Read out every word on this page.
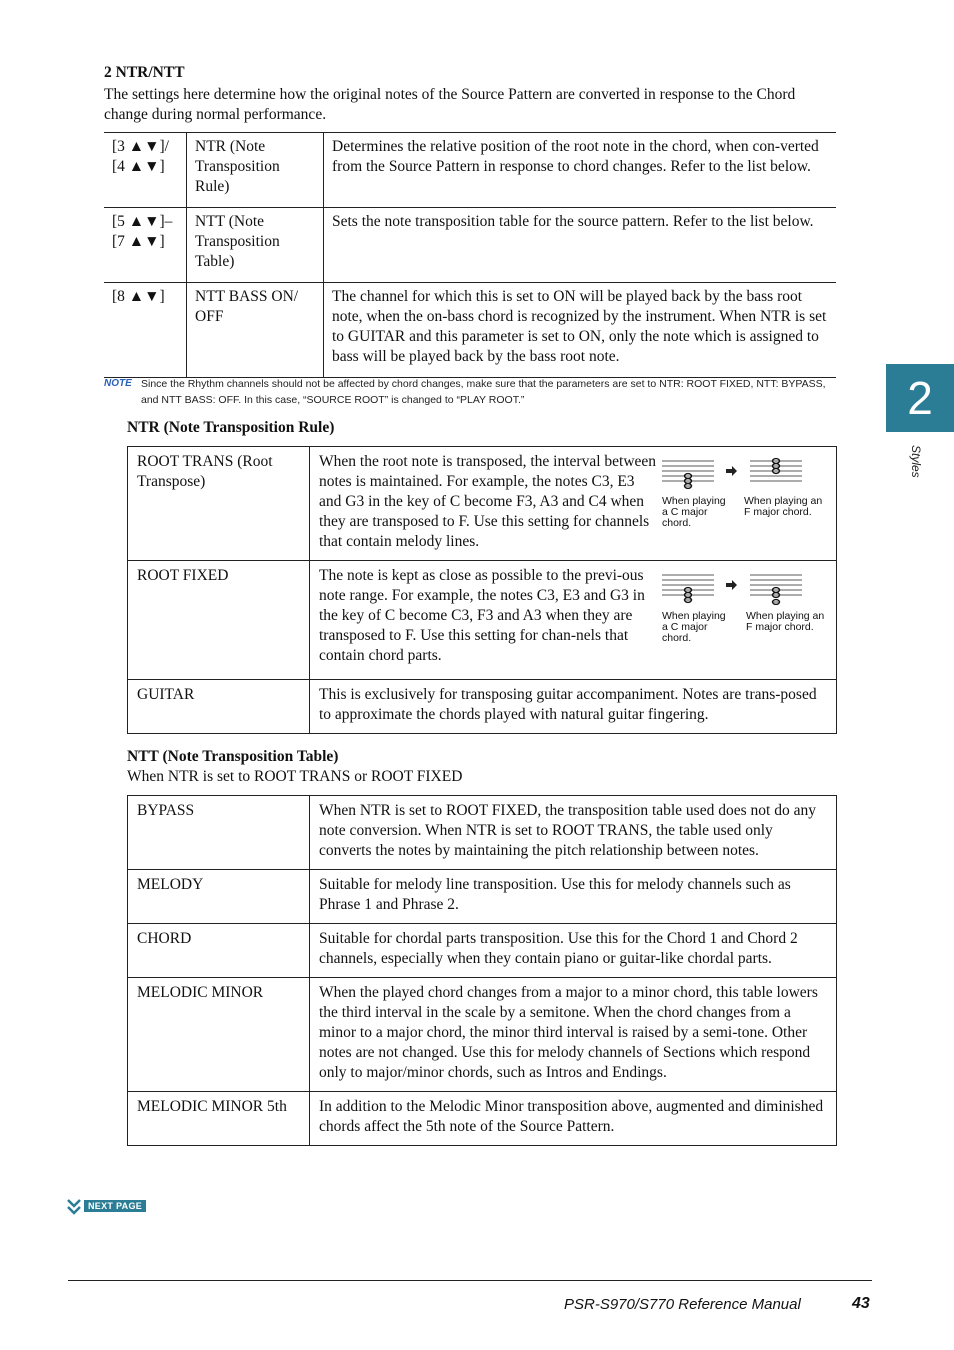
2 NTR/NTT

The settings here determine how the original notes of the Source Pattern are converted in response to the Chord change during normal performance.

[3 ▲▼]/ [4 ▲▼]	NTR (Note Transposition Rule)	Determines the relative position of the root note in the chord, when con-verted from the Source Pattern in response to chord changes. Refer to the list below.
[5 ▲▼]– [7 ▲▼]	NTT (Note Transposition Table)	Sets the note transposition table for the source pattern. Refer to the list below.
[8 ▲▼]	NTT BASS ON/ OFF	The channel for which this is set to ON will be played back by the bass root note, when the on-bass chord is recognized by the instrument. When NTR is set to GUITAR and this parameter is set to ON, only the note which is assigned to bass will be played back by the bass root note.
NOTE Since the Rhythm channels should not be affected by chord changes, make sure that the parameters are set to NTR: ROOT FIXED, NTT: BYPASS, and NTT BASS: OFF. In this case, “SOURCE ROOT” is changed to “PLAY ROOT.”

NTR (Note Transposition Rule)
ROOT TRANS (Root Transpose)	When the root note is transposed, the interval between notes is maintained. For example, the notes C3, E3 and G3 in the key of C become F3, A3 and C4 when they are transposed to F. Use this setting for channels that contain melody lines.

When playing a C major chord.
When playing an F major chord.

ROOT FIXED	The note is kept as close as possible to the previ-ous note range. For example, the notes C3, E3 and G3 in the key of C become C3, F3 and A3 when they are transposed to F. Use this setting for chan-nels that contain chord parts.

When playing a C major chord.
When playing an F major chord.

GUITAR	This is exclusively for transposing guitar accompaniment. Notes are trans-posed to approximate the chords played with natural guitar fingering.
NTT (Note Transposition Table)
When NTR is set to ROOT TRANS or ROOT FIXED
BYPASS	When NTR is set to ROOT FIXED, the transposition table used does not do any note conversion. When NTR is set to ROOT TRANS, the table used only converts the notes by maintaining the pitch relationship between notes.
MELODY	Suitable for melody line transposition. Use this for melody channels such as Phrase 1 and Phrase 2.
CHORD	Suitable for chordal parts transposition. Use this for the Chord 1 and Chord 2 channels, especially when they contain piano or guitar-like chordal parts.
MELODIC MINOR	When the played chord changes from a major to a minor chord, this table lowers the third interval in the scale by a semitone. When the chord changes from a minor to a major chord, the minor third interval is raised by a semi-tone. Other notes are not changed. Use this for melody channels of Sections which respond only to major/minor chords, such as Intros and Endings.
MELODIC MINOR 5th	In addition to the Melodic Minor transposition above, augmented and diminished chords affect the 5th note of the Source Pattern.
2
Styles
NEXT PAGE
PSR-S970/S770 Reference Manual	43
